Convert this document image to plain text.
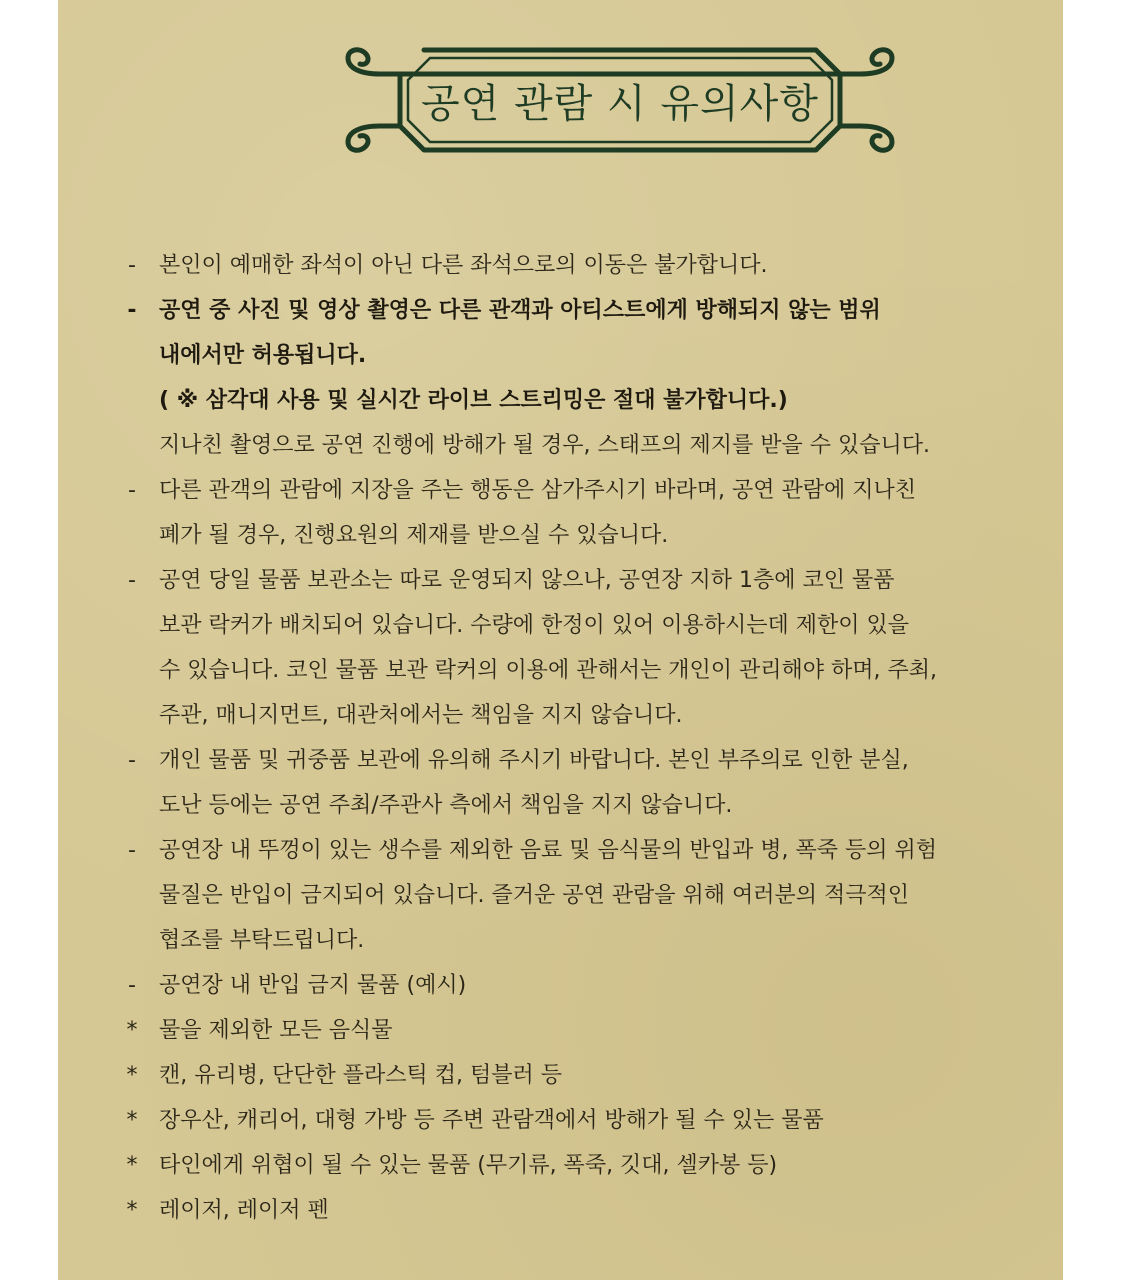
공연 관람 시 유의사항
- 본인이 예매한 좌석이 아닌 다른 좌석으로의 이동은 불가합니다.
- 공연 중 사진 및 영상 촬영은 다른 관객과 아티스트에게 방해되지 않는 범위
내에서만 허용됩니다.
( ※ 삼각대 사용 및 실시간 라이브 스트리밍은 절대 불가합니다.)
지나친 촬영으로 공연 진행에 방해가 될 경우, 스태프의 제지를 받을 수 있습니다.
- 다른 관객의 관람에 지장을 주는 행동은 삼가주시기 바라며, 공연 관람에 지나친
폐가 될 경우, 진행요원의 제재를 받으실 수 있습니다.
- 공연 당일 물품 보관소는 따로 운영되지 않으나, 공연장 지하 1층에 코인 물품
보관 락커가 배치되어 있습니다. 수량에 한정이 있어 이용하시는데 제한이 있을
수 있습니다. 코인 물품 보관 락커의 이용에 관해서는 개인이 관리해야 하며, 주최,
주관, 매니지먼트, 대관처에서는 책임을 지지 않습니다.
- 개인 물품 및 귀중품 보관에 유의해 주시기 바랍니다. 본인 부주의로 인한 분실,
도난 등에는 공연 주최/주관사 측에서 책임을 지지 않습니다.
- 공연장 내 뚜껑이 있는 생수를 제외한 음료 및 음식물의 반입과 병, 폭죽 등의 위험
물질은 반입이 금지되어 있습니다. 즐거운 공연 관람을 위해 여러분의 적극적인
협조를 부탁드립니다.
- 공연장 내 반입 금지 물품 (예시)
* 물을 제외한 모든 음식물
* 캔, 유리병, 단단한 플라스틱 컵, 텀블러 등
* 장우산, 캐리어, 대형 가방 등 주변 관람객에서 방해가 될 수 있는 물품
* 타인에게 위협이 될 수 있는 물품 (무기류, 폭죽, 깃대, 셀카봉 등)
* 레이저, 레이저 펜
